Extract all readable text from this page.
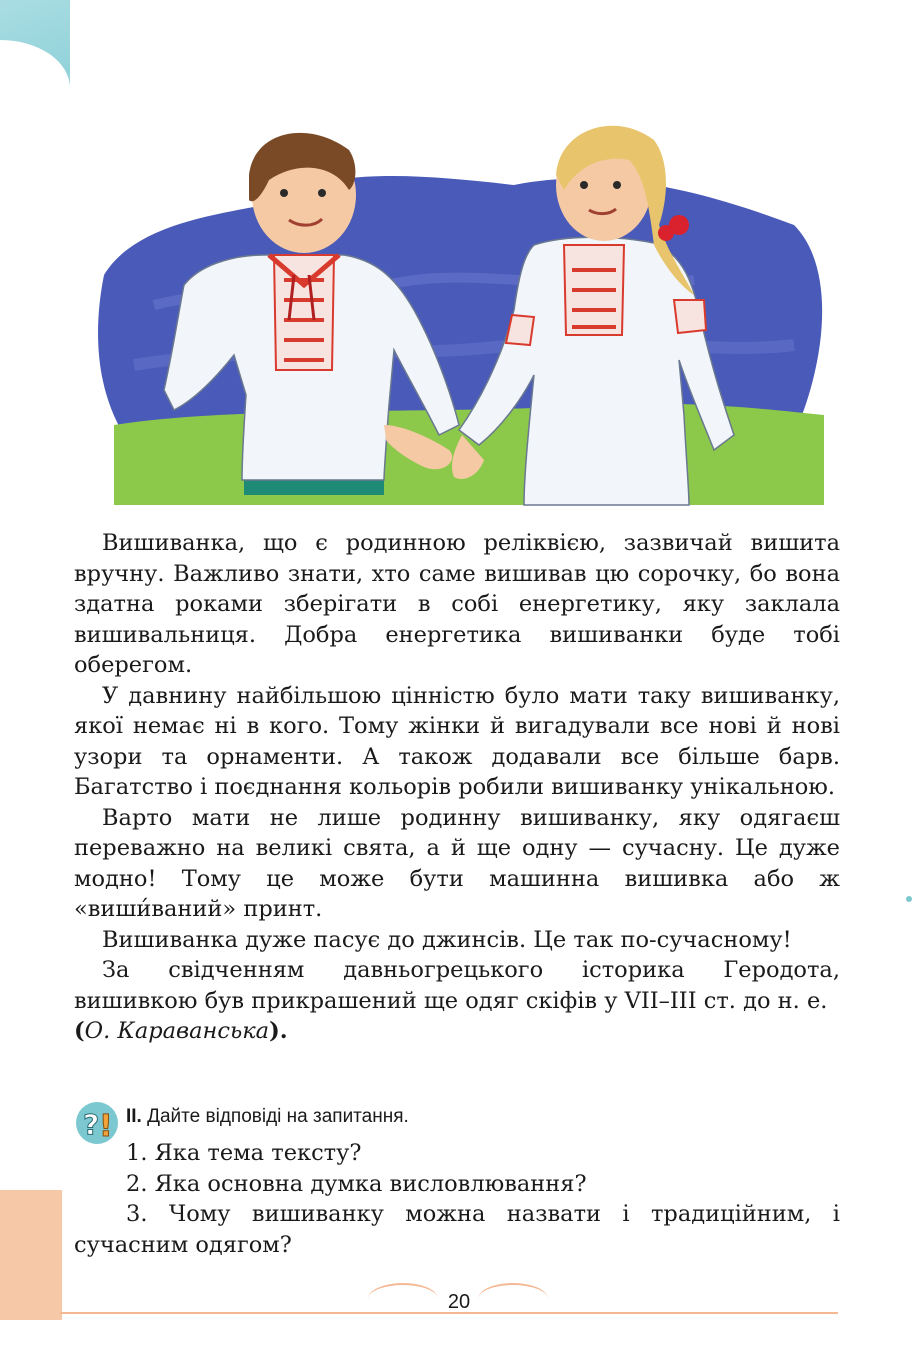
Вишиванка, що є родинною реліквією, зазвичай вишита вручну. Важливо знати, хто саме вишивав цю сорочку, бо вона здатна роками зберігати в собі енергетику, яку заклала вишивальниця. Добра енергетика вишиванки буде тобі оберегом.

У давнину найбільшою цінністю було мати таку вишиванку, якої немає ні в кого. Тому жінки й вигадували все нові й нові узори та орнаменти. А також додавали все більше барв. Багатство і поєднання кольорів робили вишиванку унікальною.

Варто мати не лише родинну вишиванку, яку одягаєш переважно на великі свята, а й ще одну — сучасну. Це дуже модно! Тому це може бути машинна вишивка або ж «виши́ваний» принт.

Вишиванка дуже пасує до джинсів. Це так по-сучасному!

За свідченням давньогрецького історика Геродота, вишивкою був прикрашений ще одяг скіфів у VII–III ст. до н. е.
(О. Караванська).

? ! II. Дайте відповіді на запитання.

1. Яка тема тексту?

2. Яка основна думка висловлювання?

3. Чому вишиванку можна назвати і традиційним, і сучасним одягом?

20
